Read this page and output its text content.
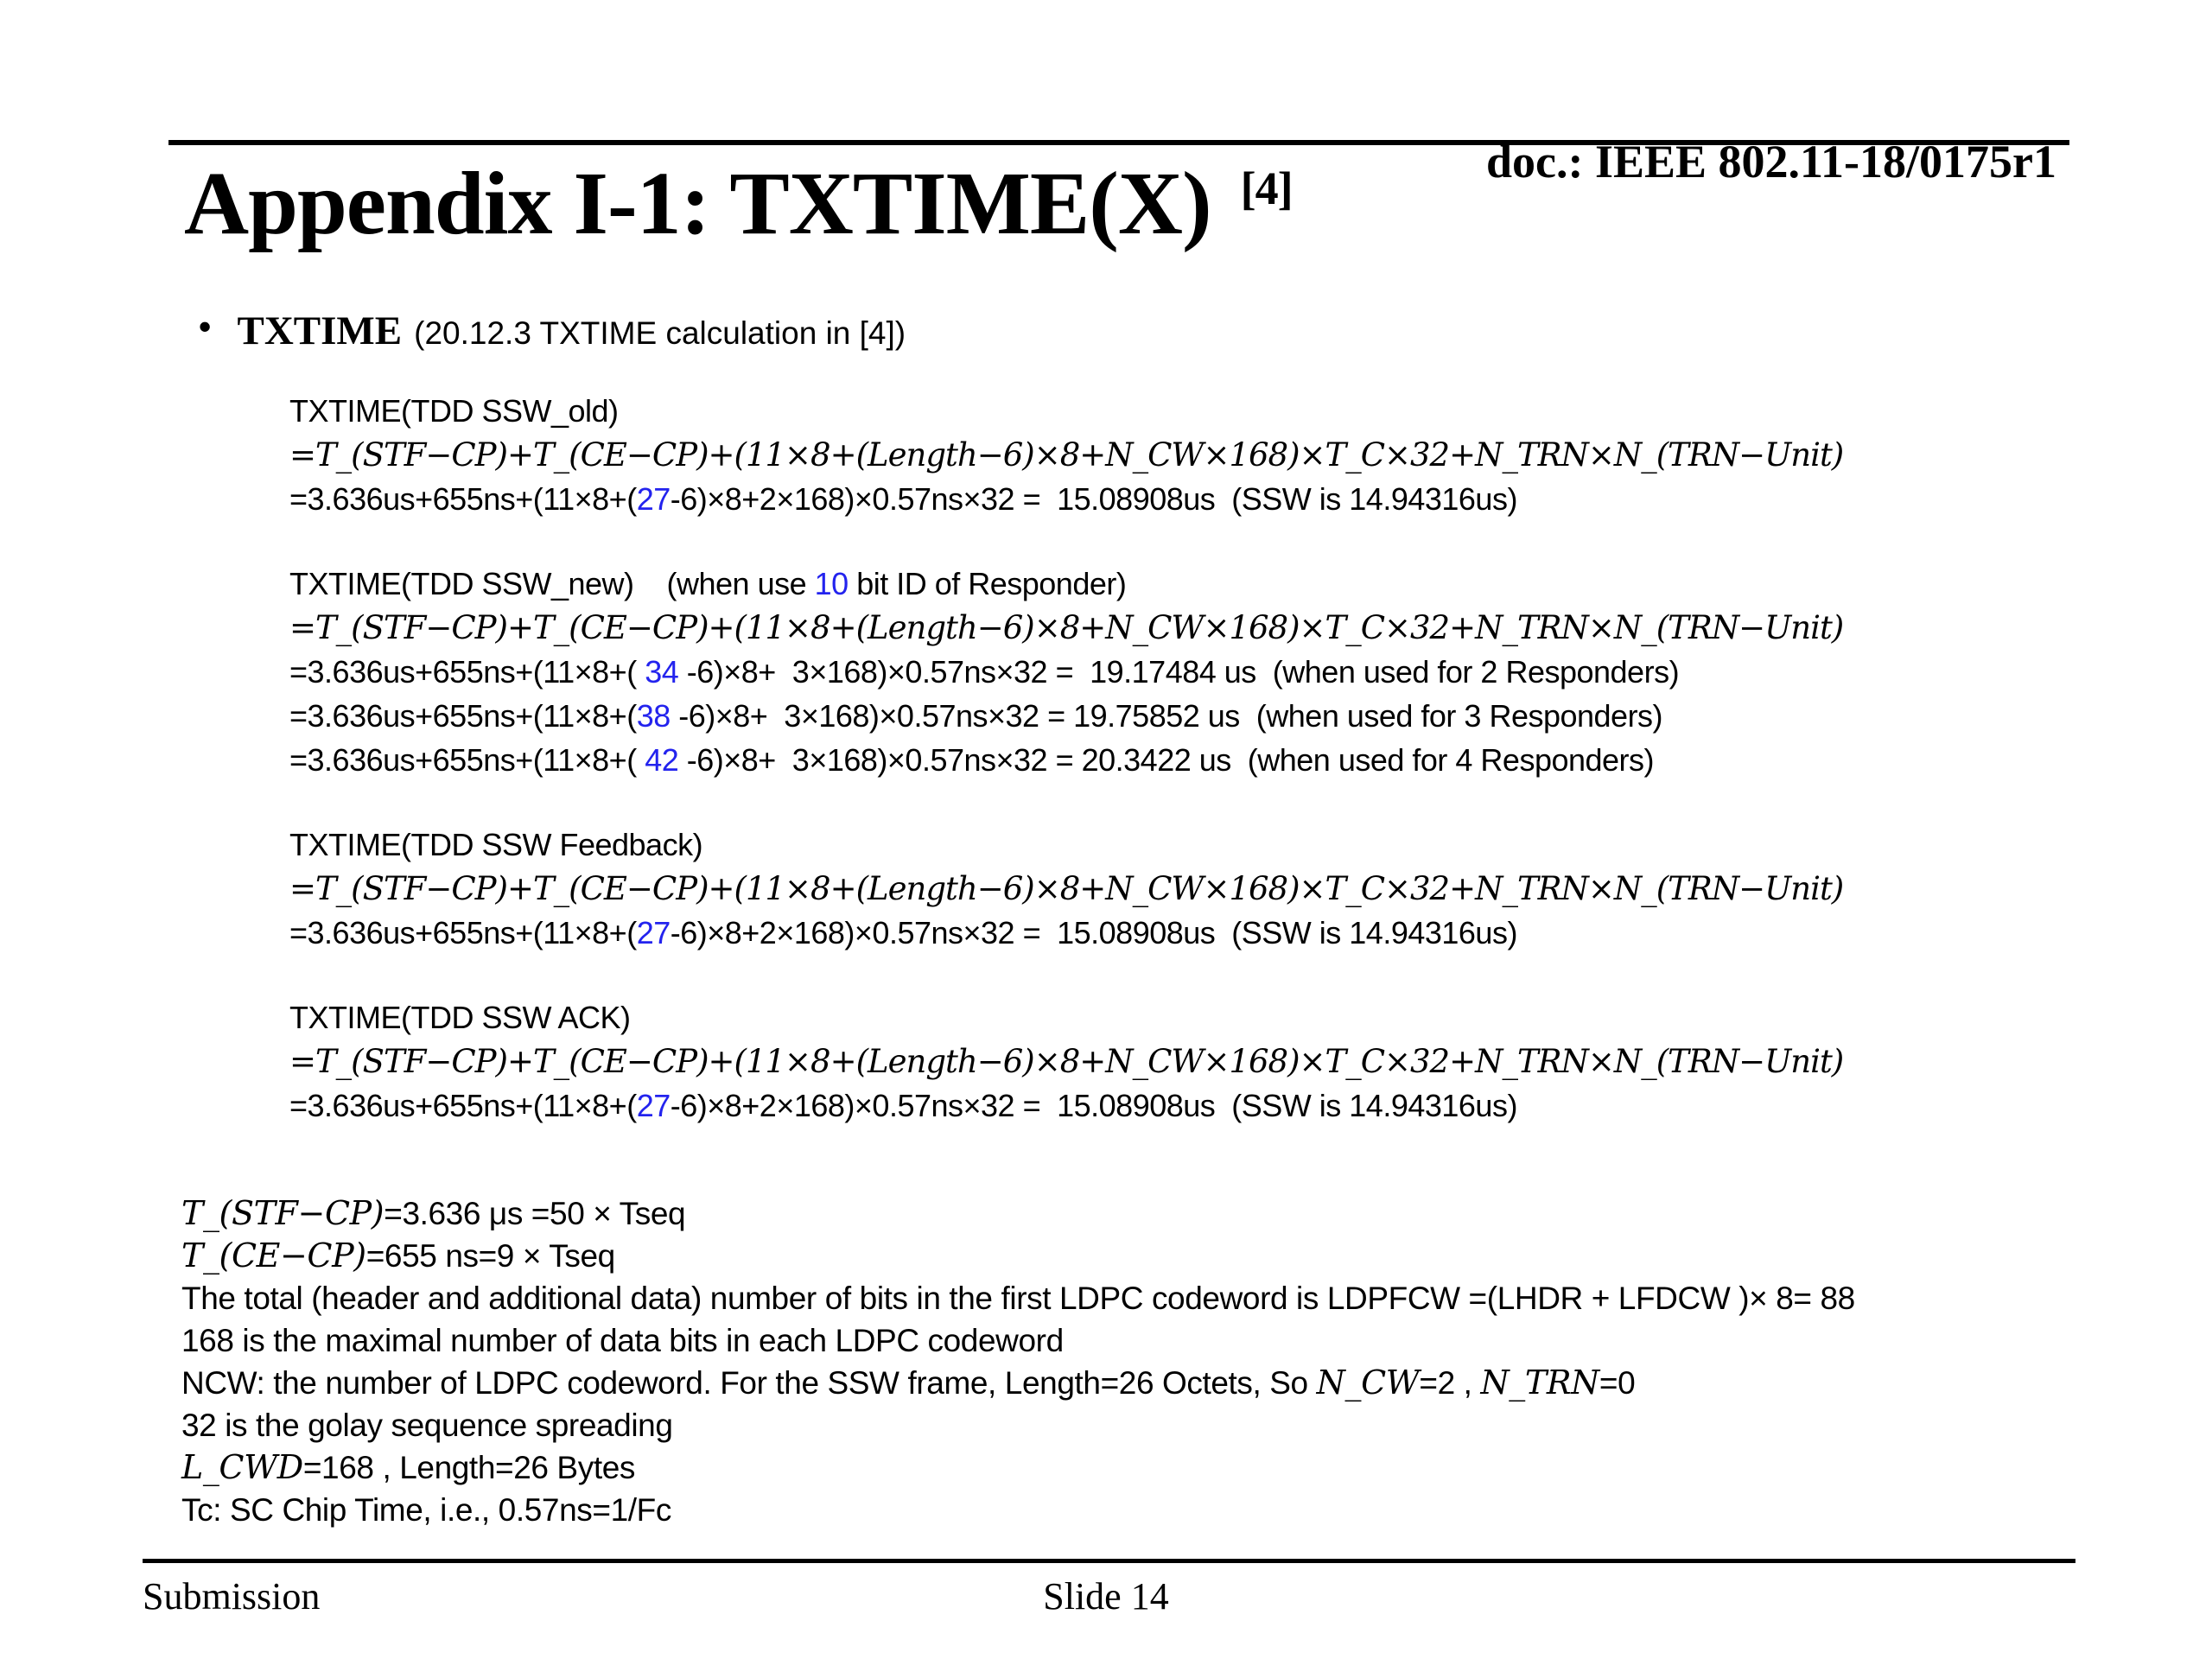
doc.: IEEE 802.11-18/0175r1

Appendix I-1: TXTIME(X) [4]

• TXTIME (20.12.3 TXTIME calculation in [4])

TXTIME(TDD SSW_old)
=T_(STF−CP)+T_(CE−CP)+(11×8+(Length−6)×8+N_CW×168)×T_C×32+N_TRN×N_(TRN−Unit)
=3.636us+655ns+(11×8+(27-6)×8+2×168)×0.57ns×32 =  15.08908us  (SSW is 14.94316us)
TXTIME(TDD SSW_new)    (when use 10 bit ID of Responder)
=T_(STF−CP)+T_(CE−CP)+(11×8+(Length−6)×8+N_CW×168)×T_C×32+N_TRN×N_(TRN−Unit)
=3.636us+655ns+(11×8+( 34 -6)×8+  3×168)×0.57ns×32 =  19.17484 us  (when used for 2 Responders)
=3.636us+655ns+(11×8+(38 -6)×8+  3×168)×0.57ns×32 = 19.75852 us  (when used for 3 Responders)
=3.636us+655ns+(11×8+( 42 -6)×8+  3×168)×0.57ns×32 = 20.3422 us  (when used for 4 Responders)
TXTIME(TDD SSW Feedback)
=T_(STF−CP)+T_(CE−CP)+(11×8+(Length−6)×8+N_CW×168)×T_C×32+N_TRN×N_(TRN−Unit)
=3.636us+655ns+(11×8+(27-6)×8+2×168)×0.57ns×32 =  15.08908us  (SSW is 14.94316us)
TXTIME(TDD SSW ACK)
=T_(STF−CP)+T_(CE−CP)+(11×8+(Length−6)×8+N_CW×168)×T_C×32+N_TRN×N_(TRN−Unit)
=3.636us+655ns+(11×8+(27-6)×8+2×168)×0.57ns×32 =  15.08908us  (SSW is 14.94316us)
T_(STF−CP)=3.636 μs =50 × Tseq
T_(CE−CP)=655 ns=9 × Tseq
The total (header and additional data) number of bits in the first LDPC codeword is LDPFCW =(LHDR + LFDCW )× 8= 88
168 is the maximal number of data bits in each LDPC codeword
NCW: the number of LDPC codeword. For the SSW frame, Length=26 Octets, So N_CW=2 , N_TRN=0
32 is the golay sequence spreading
L_CWD=168 , Length=26 Bytes
Tc: SC Chip Time, i.e., 0.57ns=1/Fc
Submission	Slide 14
